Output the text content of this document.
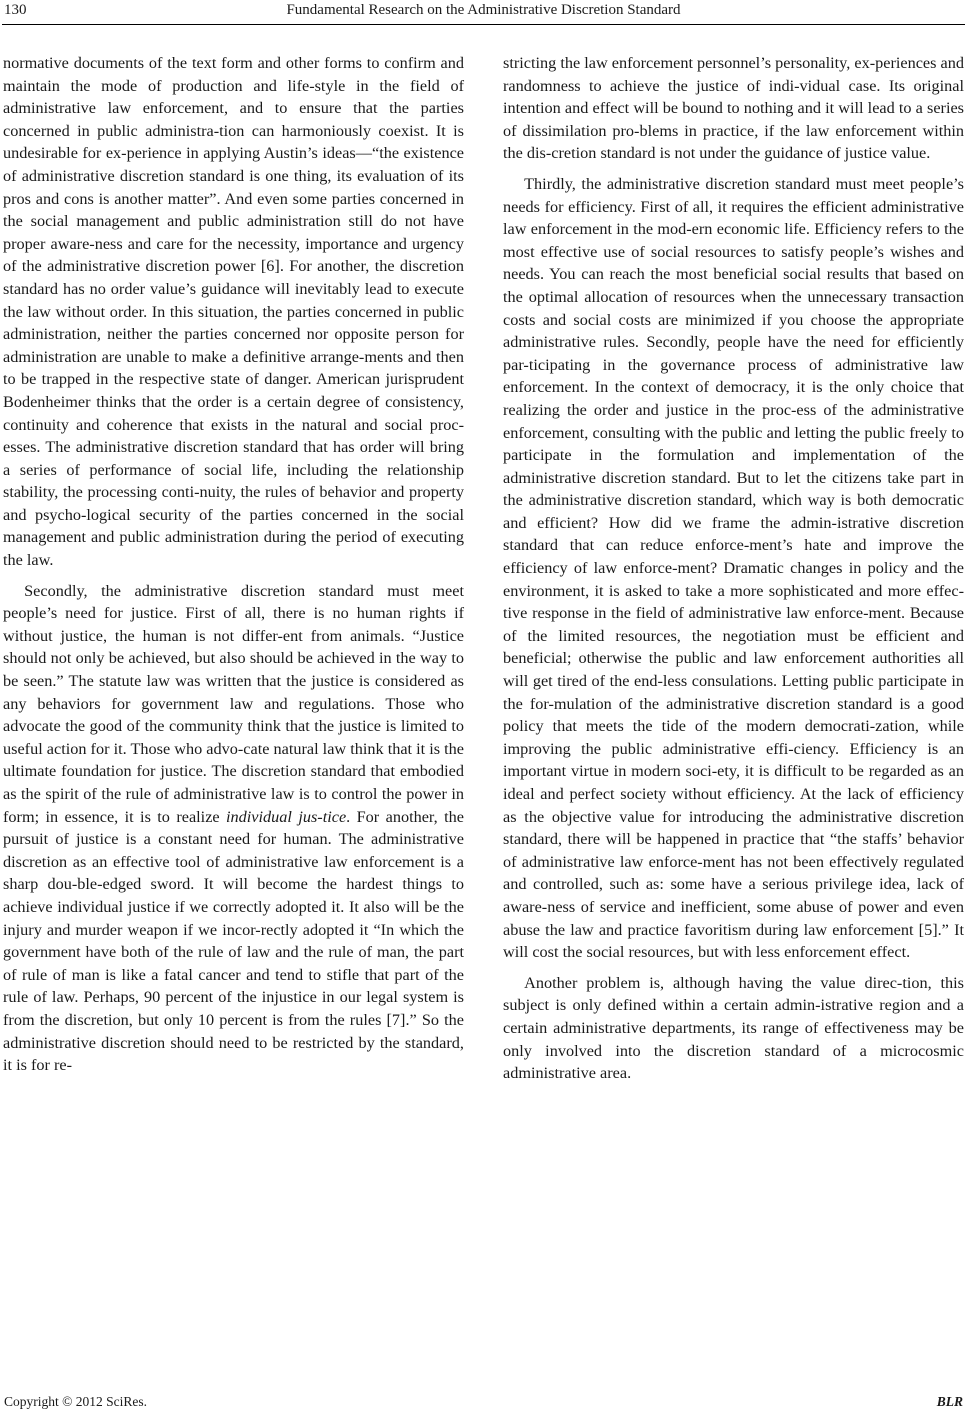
130	Fundamental Research on the Administrative Discretion Standard

normative documents of the text form and other forms to confirm and maintain the mode of production and life-style in the field of administrative law enforcement, and to ensure that the parties concerned in public administra-tion can harmoniously coexist. It is undesirable for ex-perience in applying Austin’s ideas—“the existence of administrative discretion standard is one thing, its evaluation of its pros and cons is another matter”. And even some parties concerned in the social management and public administration still do not have proper aware-ness and care for the necessity, importance and urgency of the administrative discretion power [6]. For another, the discretion standard has no order value’s guidance will inevitably lead to execute the law without order. In this situation, the parties concerned in public administration, neither the parties concerned nor opposite person for administration are unable to make a definitive arrange-ments and then to be trapped in the respective state of danger. American jurisprudent Bodenheimer thinks that the order is a certain degree of consistency, continuity and coherence that exists in the natural and social proc-esses. The administrative discretion standard that has order will bring a series of performance of social life, including the relationship stability, the processing conti-nuity, the rules of behavior and property and psycho-logical security of the parties concerned in the social management and public administration during the period of executing the law.

Secondly, the administrative discretion standard must meet people’s need for justice. First of all, there is no human rights if without justice, the human is not differ-ent from animals. “Justice should not only be achieved, but also should be achieved in the way to be seen.” The statute law was written that the justice is considered as any behaviors for government law and regulations. Those who advocate the good of the community think that the justice is limited to useful action for it. Those who advo-cate natural law think that it is the ultimate foundation for justice. The discretion standard that embodied as the spirit of the rule of administrative law is to control the power in form; in essence, it is to realize individual jus-tice. For another, the pursuit of justice is a constant need for human. The administrative discretion as an effective tool of administrative law enforcement is a sharp dou-ble-edged sword. It will become the hardest things to achieve individual justice if we correctly adopted it. It also will be the injury and murder weapon if we incor-rectly adopted it “In which the government have both of the rule of law and the rule of man, the part of rule of man is like a fatal cancer and tend to stifle that part of the rule of law. Perhaps, 90 percent of the injustice in our legal system is from the discretion, but only 10 percent is from the rules [7].” So the administrative discretion should need to be restricted by the standard, it is for re-

stricting the law enforcement personnel’s personality, ex-periences and randomness to achieve the justice of indi-vidual case. Its original intention and effect will be bound to nothing and it will lead to a series of dissimilation pro-blems in practice, if the law enforcement within the dis-cretion standard is not under the guidance of justice value.

Thirdly, the administrative discretion standard must meet people’s needs for efficiency. First of all, it requires the efficient administrative law enforcement in the mod-ern economic life. Efficiency refers to the most effective use of social resources to satisfy people’s wishes and needs. You can reach the most beneficial social results that based on the optimal allocation of resources when the unnecessary transaction costs and social costs are minimized if you choose the appropriate administrative rules. Secondly, people have the need for efficiently par-ticipating in the governance process of administrative law enforcement. In the context of democracy, it is the only choice that realizing the order and justice in the proc-ess of the administrative enforcement, consulting with the public and letting the public freely to participate in the formulation and implementation of the administrative discretion standard. But to let the citizens take part in the administrative discretion standard, which way is both democratic and efficient? How did we frame the admin-istrative discretion standard that can reduce enforce-ment’s hate and improve the efficiency of law enforce-ment? Dramatic changes in policy and the environment, it is asked to take a more sophisticated and more effec-tive response in the field of administrative law enforce-ment. Because of the limited resources, the negotiation must be efficient and beneficial; otherwise the public and law enforcement authorities all will get tired of the end-less consulations. Letting public participate in the for-mulation of the administrative discretion standard is a good policy that meets the tide of the modern democrati-zation, while improving the public administrative effi-ciency. Efficiency is an important virtue in modern soci-ety, it is difficult to be regarded as an ideal and perfect society without efficiency. At the lack of efficiency as the objective value for introducing the administrative discretion standard, there will be happened in practice that “the staffs’ behavior of administrative law enforce-ment has not been effectively regulated and controlled, such as: some have a serious privilege idea, lack of aware-ness of service and inefficient, some abuse of power and even abuse the law and practice favoritism during law enforcement [5].” It will cost the social resources, but with less enforcement effect.

Another problem is, although having the value direc-tion, this subject is only defined within a certain admin-istrative region and a certain administrative departments, its range of effectiveness may be only involved into the discretion standard of a microcosmic administrative area.

Copyright © 2012 SciRes.	BLR
